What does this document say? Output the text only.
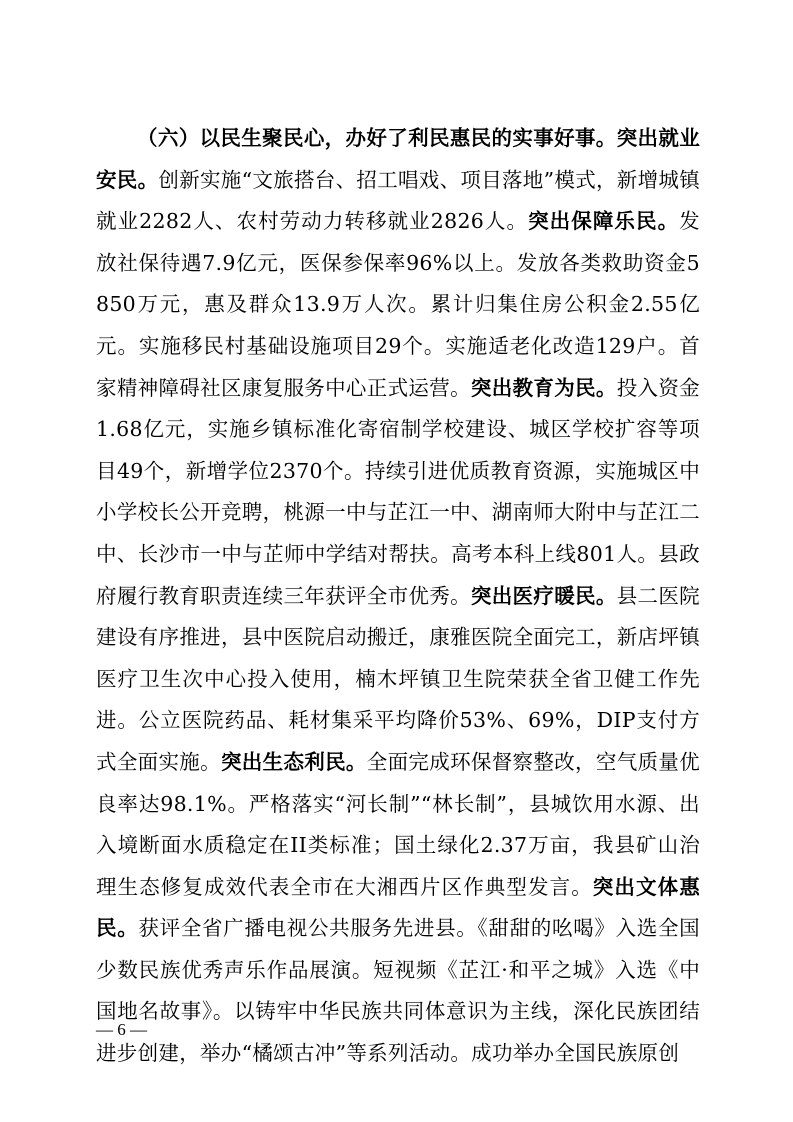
（六）以民生聚民心，办好了利民惠民的实事好事。突出就业安民。创新实施“文旅搭台、招工唱戏、项目落地”模式，新增城镇就业2282人、农村劳动力转移就业2826人。突出保障乐民。发放社保待遇7.9亿元，医保参保率96%以上。发放各类救助资金5850万元，惠及群众13.9万人次。累计归集住房公积金2.55亿元。实施移民村基础设施项目29个。实施适老化改造129户。首家精神障碍社区康复服务中心正式运营。突出教育为民。投入资金1.68亿元，实施乡镇标准化寄宿制学校建设、城区学校扩容等项目49个，新增学位2370个。持续引进优质教育资源，实施城区中小学校长公开竞聘，桃源一中与芷江一中、湖南师大附中与芷江二中、长沙市一中与芷师中学结对帮扶。高考本科上线801人。县政府履行教育职责连续三年获评全市优秀。突出医疗暖民。县二医院建设有序推进，县中医院启动搬迁，康雅医院全面完工，新店坪镇医疗卫生次中心投入使用，楠木坪镇卫生院荣获全省卫健工作先进。公立医院药品、耗材集采平均降价53%、69%，DIP支付方式全面实施。突出生态利民。全面完成环保督察整改，空气质量优良率达98.1%。严格落实“河长制”“林长制”，县城饮用水源、出入境断面水质稳定在II类标准；国土绿化2.37万亩，我县矿山治理生态修复成效代表全市在大湘西片区作典型发言。突出文体惠民。获评全省广播电视公共服务先进县。《甜甜的吆喝》入选全国少数民族优秀声乐作品展演。短视频《芷江·和平之城》入选《中国地名故事》。以铸牢中华民族共同体意识为主线，深化民族团结进步创建，举办“橘颂古冲”等系列活动。成功举办全国民族原创

— 6 —
